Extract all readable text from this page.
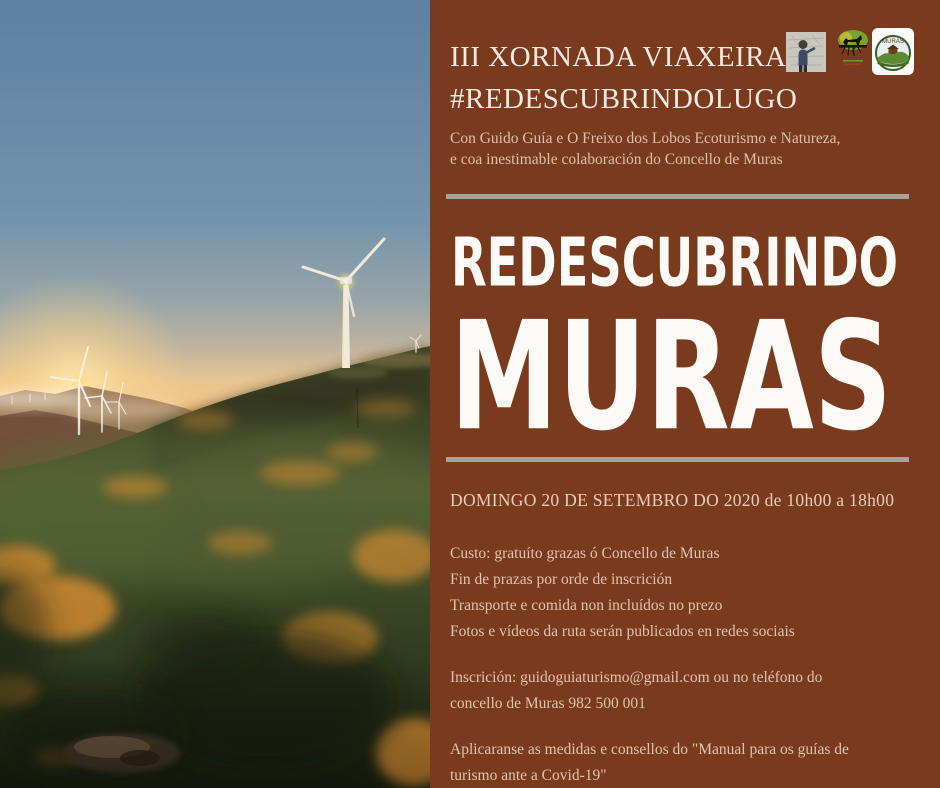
III XORNADA VIAXEIRA
#REDESCUBRINDOLUGO
MURAS

Con Guido Guía e O Freixo dos Lobos Ecoturismo e Natureza,
e coa inestimable colaboración do Concello de Muras

REDESCUBRINDO
MURAS

DOMINGO 20 DE SETEMBRO DO 2020 de 10h00 a 18h00

Custo: gratuíto grazas ó Concello de Muras
Fin de prazas por orde de inscrición
Transporte e comida non incluídos no prezo
Fotos e vídeos da ruta serán publicados en redes sociais

Inscrición: guidoguiaturismo@gmail.com ou no teléfono do
concello de Muras 982 500 001

Aplicaranse as medidas e consellos do "Manual para os guías de
turismo ante a Covid-19"
